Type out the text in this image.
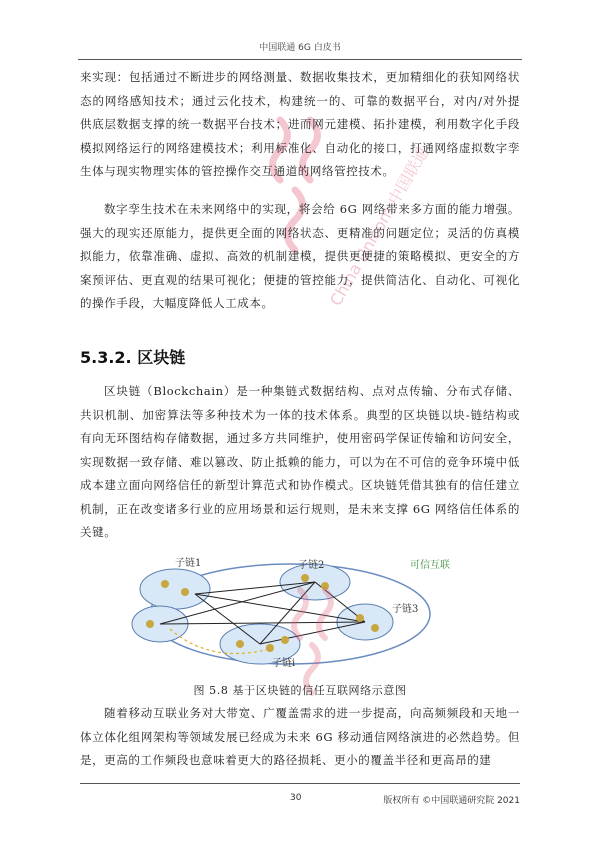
中国联通 6G 白皮书
China Unicom 中国联通

来实现：包括通过不断进步的网络测量、数据收集技术，更加精细化的获知网络状态的网络感知技术；通过云化技术，构建统一的、可靠的数据平台，对内/对外提供底层数据支撑的统一数据平台技术；进而网元建模、拓扑建模，利用数字化手段模拟网络运行的网络建模技术；利用标准化、自动化的接口，打通网络虚拟数字孪生体与现实物理实体的管控操作交互通道的网络管控技术。

数字孪生技术在未来网络中的实现，将会给 6G 网络带来多方面的能力增强。强大的现实还原能力，提供更全面的网络状态、更精准的问题定位；灵活的仿真模拟能力，依靠准确、虚拟、高效的机制建模，提供更便捷的策略模拟、更安全的方案预评估、更直观的结果可视化；便捷的管控能力，提供简洁化、自动化、可视化的操作手段，大幅度降低人工成本。

5.3.2. 区块链

区块链（Blockchain）是一种集链式数据结构、点对点传输、分布式存储、共识机制、加密算法等多种技术为一体的技术体系。典型的区块链以块-链结构或有向无环图结构存储数据，通过多方共同维护，使用密码学保证传输和访问安全，实现数据一致存储、难以篡改、防止抵赖的能力，可以为在不可信的竞争环境中低成本建立面向网络信任的新型计算范式和协作模式。区块链凭借其独有的信任建立机制，正在改变诸多行业的应用场景和运行规则，是未来支撑 6G 网络信任体系的关键。

子链1	子链2
子链3
子链i
可信互联
图 5.8 基于区块链的信任互联网络示意图

随着移动互联业务对大带宽、广覆盖需求的进一步提高，向高频频段和天地一体立体化组网架构等领域发展已经成为未来 6G 移动通信网络演进的必然趋势。但是，更高的工作频段也意味着更大的路径损耗、更小的覆盖半径和更高昂的建

30	版权所有 ©中国联通研究院 2021
